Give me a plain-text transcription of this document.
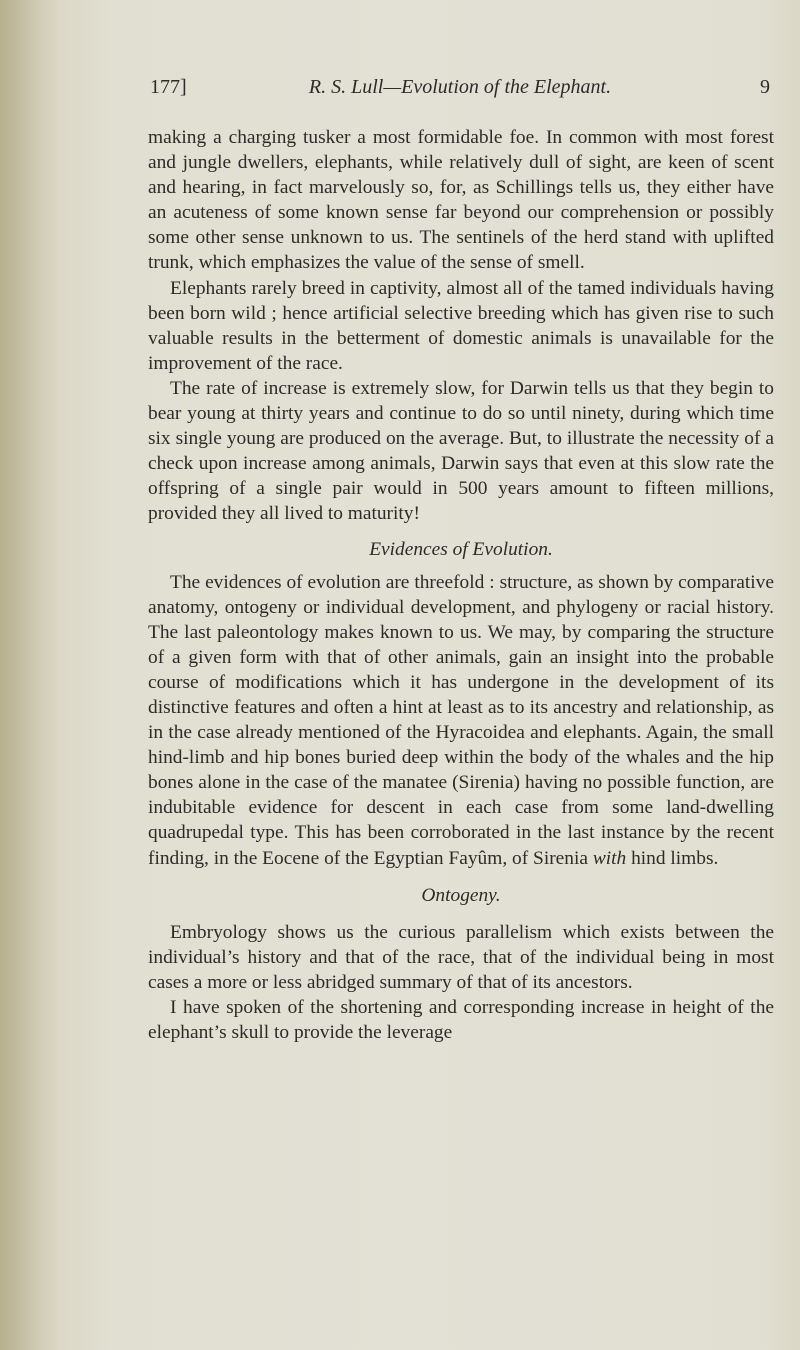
177]	R. S. Lull—Evolution of the Elephant.	9

making a charging tusker a most formidable foe. In common with most forest and jungle dwellers, elephants, while relatively dull of sight, are keen of scent and hearing, in fact marvelously so, for, as Schillings tells us, they either have an acuteness of some known sense far beyond our comprehension or possibly some other sense unknown to us. The sentinels of the herd stand with uplifted trunk, which emphasizes the value of the sense of smell.

Elephants rarely breed in captivity, almost all of the tamed individuals having been born wild ; hence artificial selective breeding which has given rise to such valuable results in the betterment of domestic animals is unavailable for the improvement of the race.

The rate of increase is extremely slow, for Darwin tells us that they begin to bear young at thirty years and continue to do so until ninety, during which time six single young are produced on the average. But, to illustrate the necessity of a check upon increase among animals, Darwin says that even at this slow rate the offspring of a single pair would in 500 years amount to fifteen millions, provided they all lived to maturity!

Evidences of Evolution.

The evidences of evolution are threefold : structure, as shown by comparative anatomy, ontogeny or individual development, and phylogeny or racial history. The last paleontology makes known to us. We may, by comparing the structure of a given form with that of other animals, gain an insight into the probable course of modifications which it has undergone in the development of its distinctive features and often a hint at least as to its ancestry and relationship, as in the case already mentioned of the Hyracoidea and elephants. Again, the small hind-limb and hip bones buried deep within the body of the whales and the hip bones alone in the case of the manatee (Sirenia) having no possible function, are indubitable evidence for descent in each case from some land-dwelling quadrupedal type. This has been corroborated in the last instance by the recent finding, in the Eocene of the Egyptian Fayûm, of Sirenia with hind limbs.

Ontogeny.

Embryology shows us the curious parallelism which exists between the individual’s history and that of the race, that of the individual being in most cases a more or less abridged summary of that of its ancestors.

I have spoken of the shortening and corresponding increase in height of the elephant’s skull to provide the leverage
